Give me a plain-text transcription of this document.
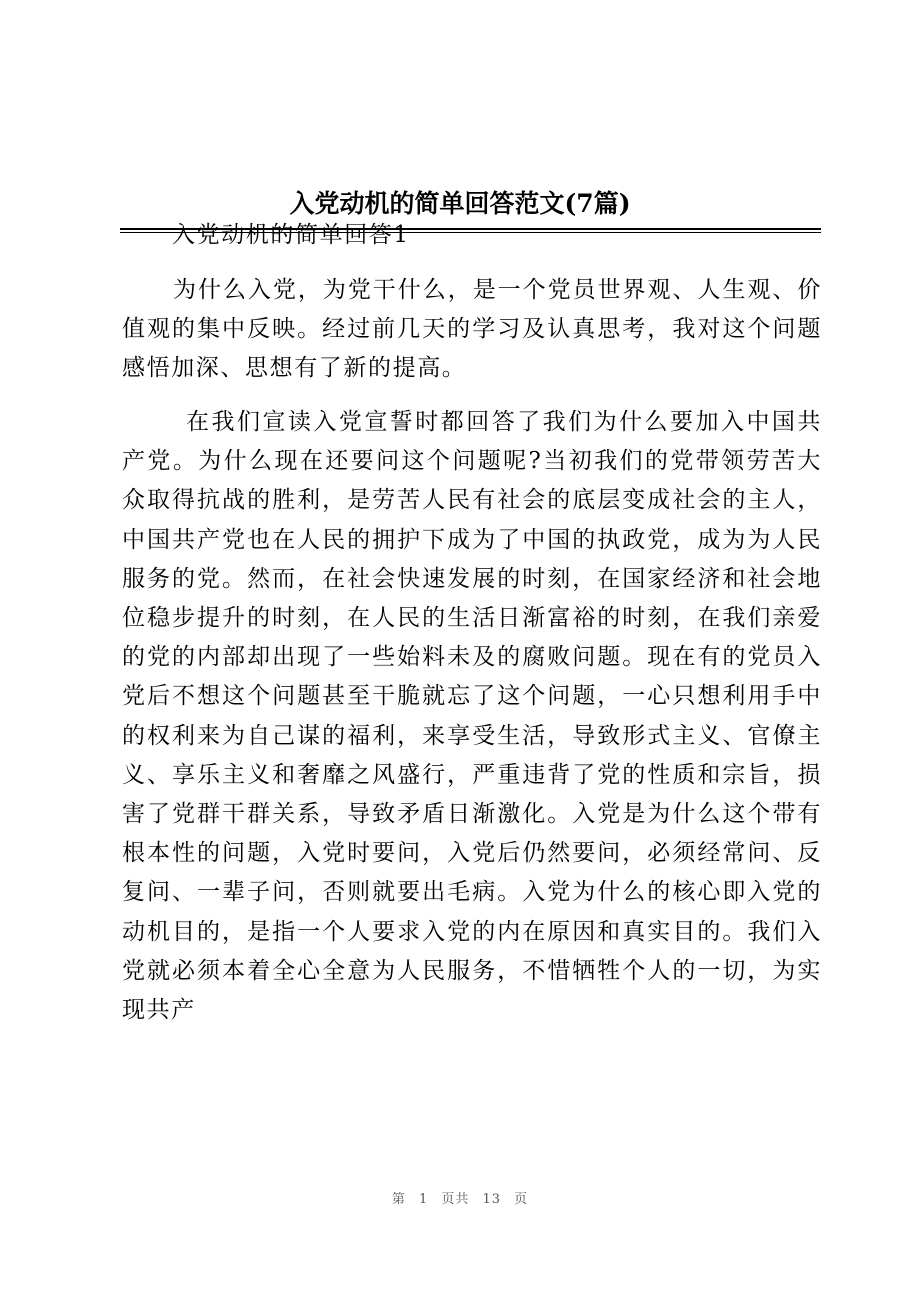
入党动机的简单回答范文(7篇)
入党动机的简单回答1

为什么入党，为党干什么，是一个党员世界观、人生观、价值观的集中反映。经过前几天的学习及认真思考，我对这个问题感悟加深、思想有了新的提高。

在我们宣读入党宣誓时都回答了我们为什么要加入中国共产党。为什么现在还要问这个问题呢?当初我们的党带领劳苦大众取得抗战的胜利，是劳苦人民有社会的底层变成社会的主人，中国共产党也在人民的拥护下成为了中国的执政党，成为为人民服务的党。然而，在社会快速发展的时刻，在国家经济和社会地位稳步提升的时刻，在人民的生活日渐富裕的时刻，在我们亲爱的党的内部却出现了一些始料未及的腐败问题。现在有的党员入党后不想这个问题甚至干脆就忘了这个问题，一心只想利用手中的权利来为自己谋的福利，来享受生活，导致形式主义、官僚主义、享乐主义和奢靡之风盛行，严重违背了党的性质和宗旨，损害了党群干群关系，导致矛盾日渐激化。入党是为什么这个带有根本性的问题，入党时要问，入党后仍然要问，必须经常问、反复问、一辈子问，否则就要出毛病。入党为什么的核心即入党的动机目的，是指一个人要求入党的内在原因和真实目的。我们入党就必须本着全心全意为人民服务，不惜牺牲个人的一切，为实现共产

第 1 页共 13 页
